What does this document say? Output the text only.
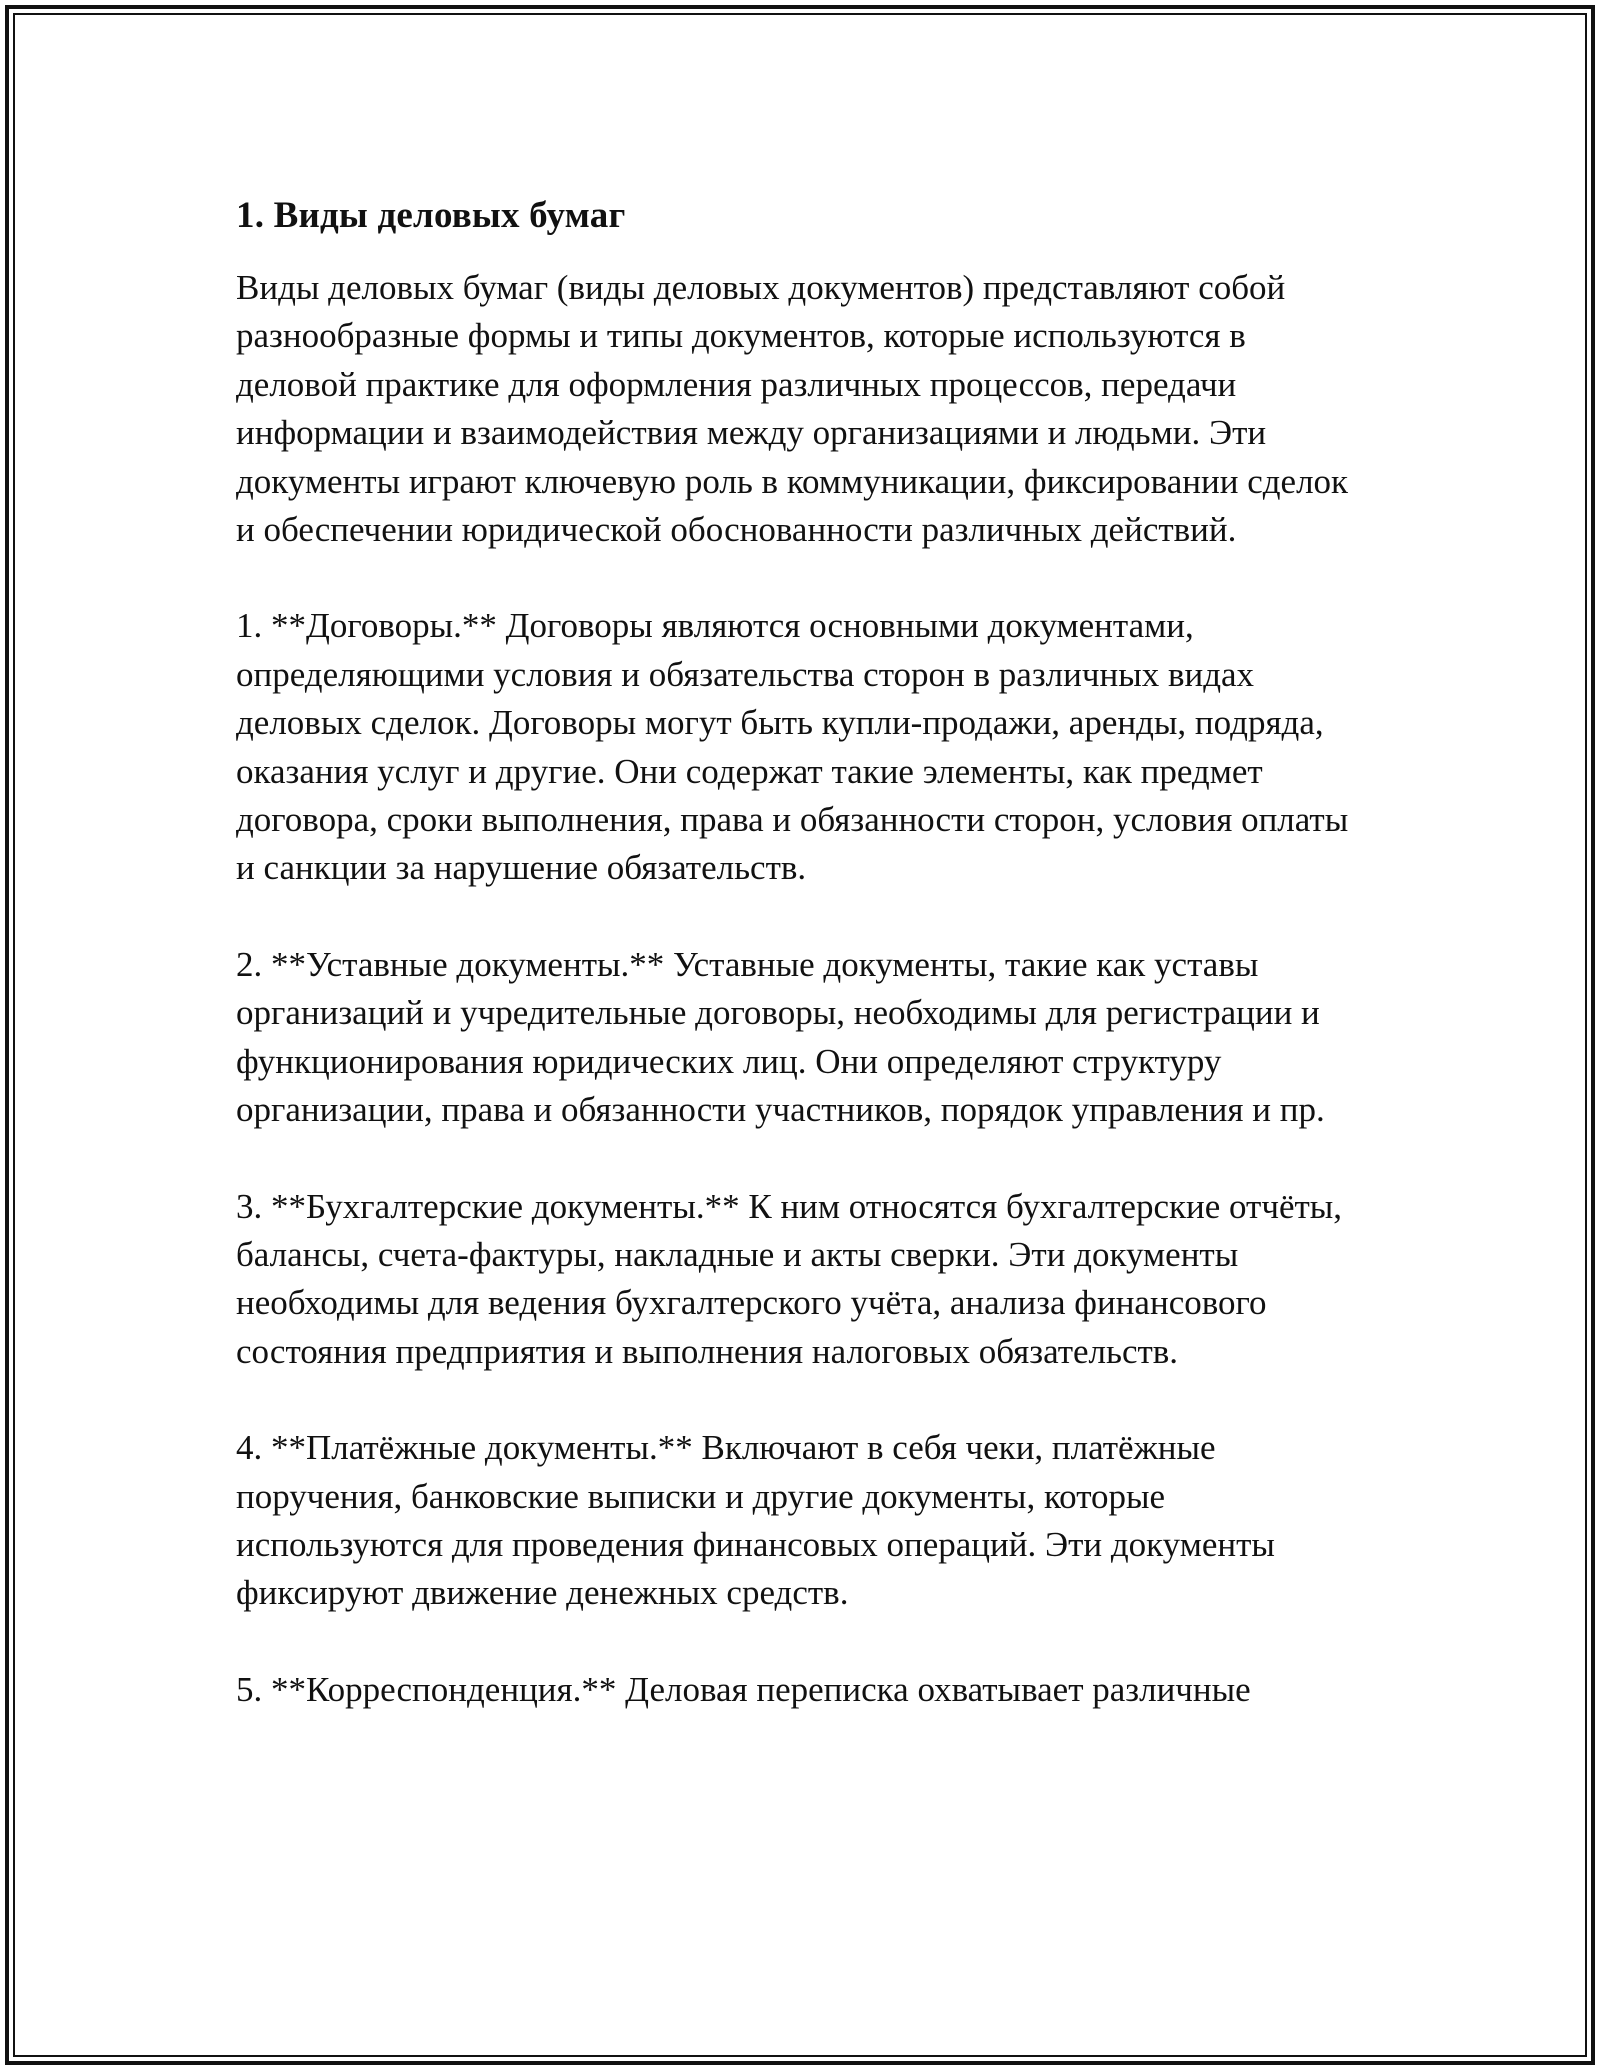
1. Виды деловых бумаг

Виды деловых бумаг (виды деловых документов) представляют собой разнообразные формы и типы документов, которые используются в деловой практике для оформления различных процессов, передачи информации и взаимодействия между организациями и людьми. Эти документы играют ключевую роль в коммуникации, фиксировании сделок и обеспечении юридической обоснованности различных действий.

1. **Договоры.** Договоры являются основными документами, определяющими условия и обязательства сторон в различных видах деловых сделок. Договоры могут быть купли-продажи, аренды, подряда, оказания услуг и другие. Они содержат такие элементы, как предмет договора, сроки выполнения, права и обязанности сторон, условия оплаты и санкции за нарушение обязательств.

2. **Уставные документы.** Уставные документы, такие как уставы организаций и учредительные договоры, необходимы для регистрации и функционирования юридических лиц. Они определяют структуру организации, права и обязанности участников, порядок управления и пр.

3. **Бухгалтерские документы.** К ним относятся бухгалтерские отчёты, балансы, счета-фактуры, накладные и акты сверки. Эти документы необходимы для ведения бухгалтерского учёта, анализа финансового состояния предприятия и выполнения налоговых обязательств.

4. **Платёжные документы.** Включают в себя чеки, платёжные поручения, банковские выписки и другие документы, которые используются для проведения финансовых операций. Эти документы фиксируют движение денежных средств.

5. **Корреспонденция.** Деловая переписка охватывает различные
